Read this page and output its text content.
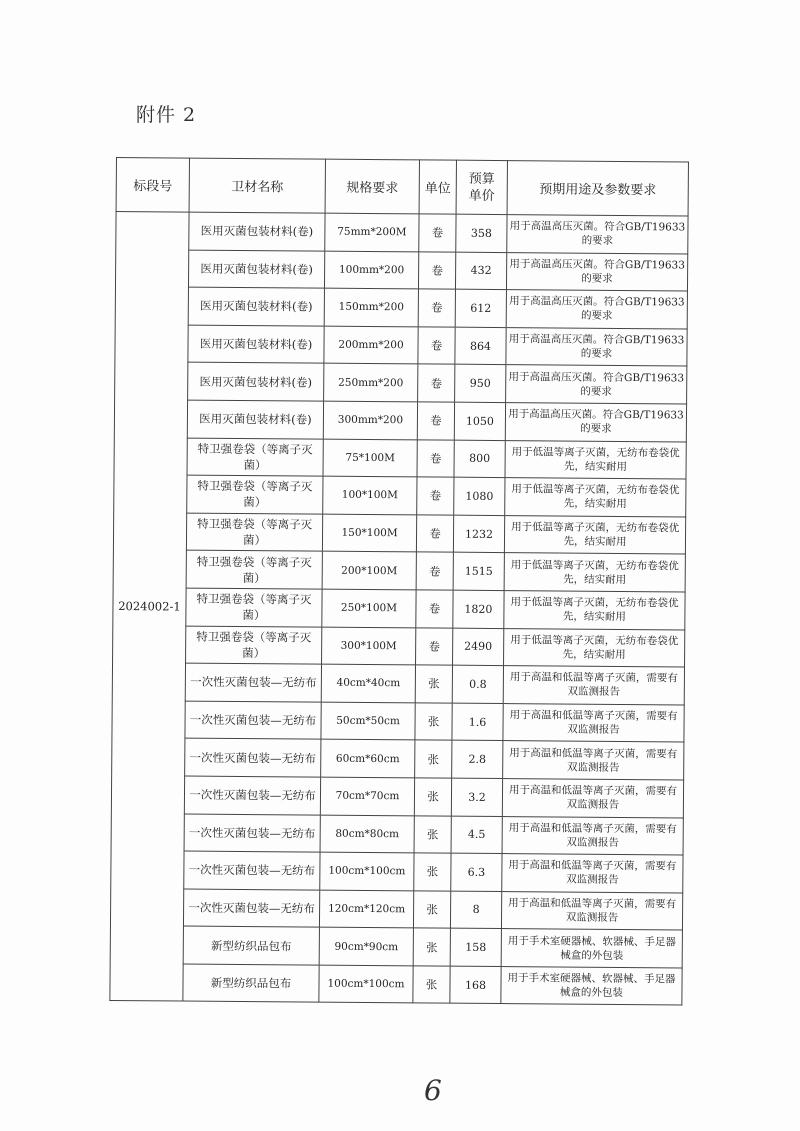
附件 2
标段号	卫材名称	规格要求	单位	预算单价	预期用途及参数要求
2024002-1	医用灭菌包装材料(卷)	75mm*200M	卷	358	用于高温高压灭菌。符合GB/T19633 的要求
	医用灭菌包装材料(卷)	100mm*200	卷	432	用于高温高压灭菌。符合GB/T19633 的要求
	医用灭菌包装材料(卷)	150mm*200	卷	612	用于高温高压灭菌。符合GB/T19633 的要求
	医用灭菌包装材料(卷)	200mm*200	卷	864	用于高温高压灭菌。符合GB/T19633 的要求
	医用灭菌包装材料(卷)	250mm*200	卷	950	用于高温高压灭菌。符合GB/T19633 的要求
	医用灭菌包装材料(卷)	300mm*200	卷	1050	用于高温高压灭菌。符合GB/T19633 的要求
	特卫强卷袋（等离子灭菌）	75*100M	卷	800	用于低温等离子灭菌，无纺布卷袋优先，结实耐用
	特卫强卷袋（等离子灭菌）	100*100M	卷	1080	用于低温等离子灭菌，无纺布卷袋优先，结实耐用
	特卫强卷袋（等离子灭菌）	150*100M	卷	1232	用于低温等离子灭菌，无纺布卷袋优先，结实耐用
	特卫强卷袋（等离子灭菌）	200*100M	卷	1515	用于低温等离子灭菌，无纺布卷袋优先，结实耐用
	特卫强卷袋（等离子灭菌）	250*100M	卷	1820	用于低温等离子灭菌，无纺布卷袋优先，结实耐用
	特卫强卷袋（等离子灭菌）	300*100M	卷	2490	用于低温等离子灭菌，无纺布卷袋优先，结实耐用
	一次性灭菌包装—无纺布	40cm*40cm	张	0.8	用于高温和低温等离子灭菌，需要有双监测报告
	一次性灭菌包装—无纺布	50cm*50cm	张	1.6	用于高温和低温等离子灭菌，需要有双监测报告
	一次性灭菌包装—无纺布	60cm*60cm	张	2.8	用于高温和低温等离子灭菌，需要有双监测报告
	一次性灭菌包装—无纺布	70cm*70cm	张	3.2	用于高温和低温等离子灭菌，需要有双监测报告
	一次性灭菌包装—无纺布	80cm*80cm	张	4.5	用于高温和低温等离子灭菌，需要有双监测报告
	一次性灭菌包装—无纺布	100cm*100cm	张	6.3	用于高温和低温等离子灭菌，需要有双监测报告
	一次性灭菌包装—无纺布	120cm*120cm	张	8	用于高温和低温等离子灭菌，需要有双监测报告
	新型纺织品包布	90cm*90cm	张	158	用于手术室硬器械、软器械、手足器械盒的外包装
	新型纺织品包布	100cm*100cm	张	168	用于手术室硬器械、软器械、手足器械盒的外包装
6
